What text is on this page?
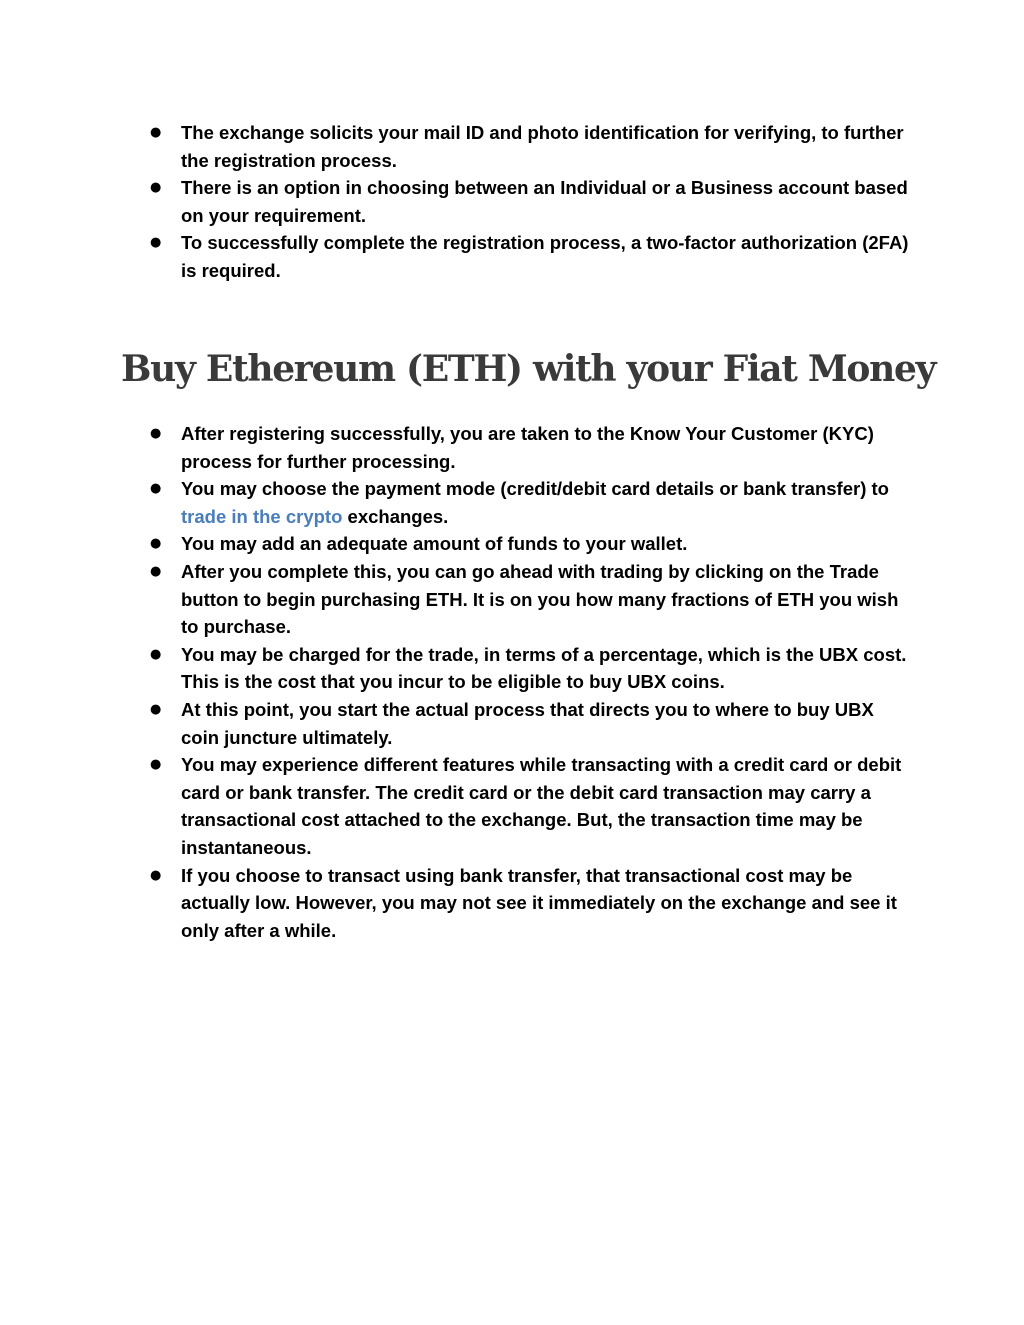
● The exchange solicits your mail ID and photo identification for verifying, to further the registration process.
● There is an option in choosing between an Individual or a Business account based on your requirement.
● To successfully complete the registration process, a two-factor authorization (2FA) is required.
Buy Ethereum (ETH) with your Fiat Money
● After registering successfully, you are taken to the Know Your Customer (KYC) process for further processing.
● You may choose the payment mode (credit/debit card details or bank transfer) to trade in the crypto exchanges.
● You may add an adequate amount of funds to your wallet.
● After you complete this, you can go ahead with trading by clicking on the Trade button to begin purchasing ETH. It is on you how many fractions of ETH you wish to purchase.
● You may be charged for the trade, in terms of a percentage, which is the UBX cost. This is the cost that you incur to be eligible to buy UBX coins.
● At this point, you start the actual process that directs you to where to buy UBX coin juncture ultimately.
● You may experience different features while transacting with a credit card or debit card or bank transfer. The credit card or the debit card transaction may carry a transactional cost attached to the exchange. But, the transaction time may be instantaneous.
● If you choose to transact using bank transfer, that transactional cost may be actually low. However, you may not see it immediately on the exchange and see it only after a while.
